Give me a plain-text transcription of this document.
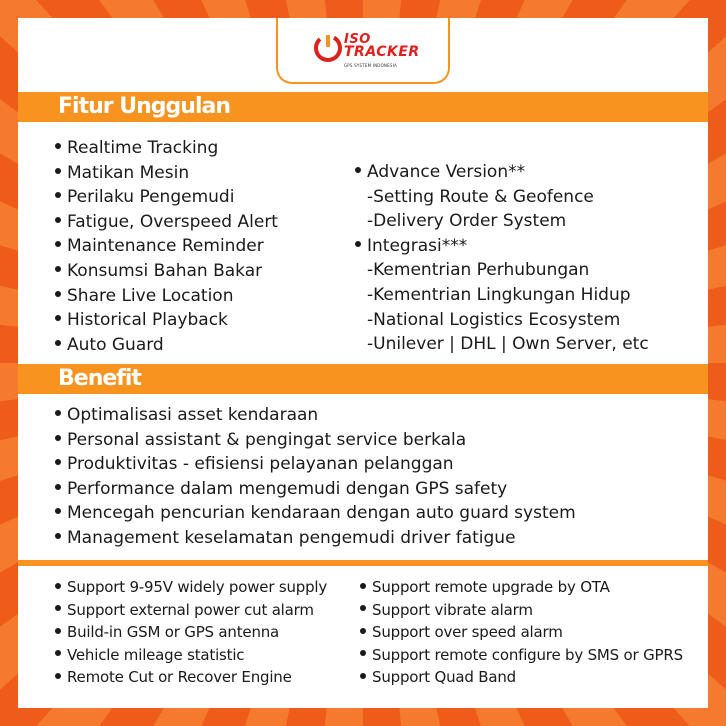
ISO
TRACKER
GPS SYSTEM INDONESIA
Fitur Unggulan
Realtime Tracking
Matikan Mesin
Perilaku Pengemudi
Fatigue, Overspeed Alert
Maintenance Reminder
Konsumsi Bahan Bakar
Share Live Location
Historical Playback
Auto Guard
Advance Version**
-Setting Route & Geofence
-Delivery Order System
Integrasi***
-Kementrian Perhubungan
-Kementrian Lingkungan Hidup
-National Logistics Ecosystem
-Unilever | DHL | Own Server, etc
Benefit
Optimalisasi asset kendaraan
Personal assistant & pengingat service berkala
Produktivitas - efisiensi pelayanan pelanggan
Performance dalam mengemudi dengan GPS safety
Mencegah pencurian kendaraan dengan auto guard system
Management keselamatan pengemudi driver fatigue
Support 9-95V widely power supply
Support external power cut alarm
Build-in GSM or GPS antenna
Vehicle mileage statistic
Remote Cut or Recover Engine
Support remote upgrade by OTA
Support vibrate alarm
Support over speed alarm
Support remote configure by SMS or GPRS
Support Quad Band
